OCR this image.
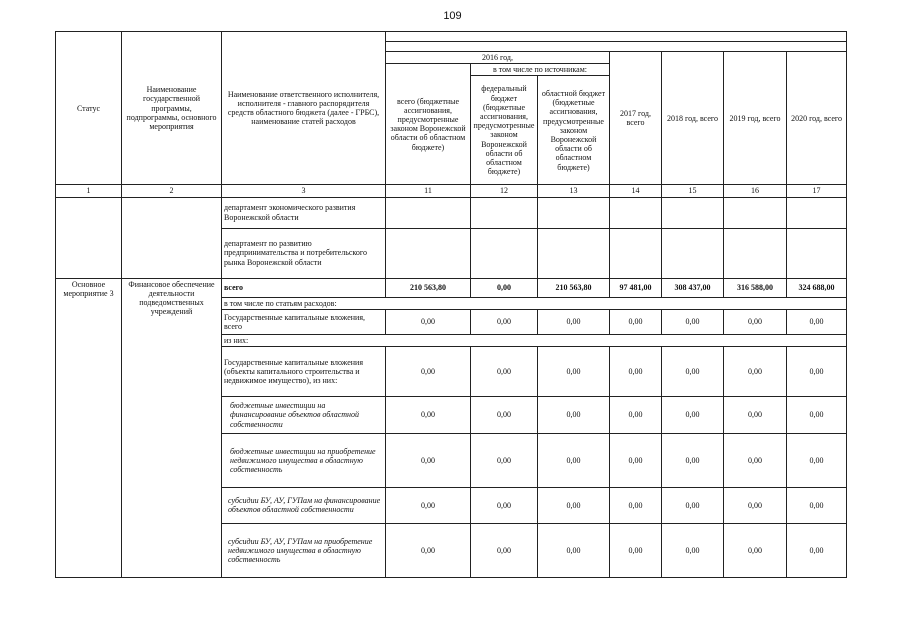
109
Статус	Наименование государственной программы, подпрограммы, основного мероприятия	Наименование ответственного исполнителя, исполнителя - главного распорядителя средств областного бюджета (далее - ГРБС), наименование статей расходов							

			2016 год,			2017 год, всего	2018 год, всего	2019 год, всего	2020 год, всего
			всего (бюджетные ассигнования, предусмотренные законом Воронежской области об областном бюджете)	в том числе по источникам:					
				федеральный бюджет (бюджетные ассигнования, предусмотренные законом Воронежской области об областном бюджете)	областной бюджет (бюджетные ассигнования, предусмотренные законом Воронежской области об областном бюджете)				
1	2	3	11	12	13	14	15	16	17
		департамент экономического развития Воронежской области							
		департамент по развитию предпринимательства и потребительского рынка Воронежской области							
Основное мероприятие 3	Финансовое обеспечение деятельности подведомственных учреждений	всего	210 563,80	0,00	210 563,80	97 481,00	308 437,00	316 588,00	324 688,00
		в том числе по статьям расходов:							
		Государственные капитальные вложения, всего	0,00	0,00	0,00	0,00	0,00	0,00	0,00
		из них:							
		Государственные капитальные вложения (объекты капитального строительства и недвижимое имущество), из них:	0,00	0,00	0,00	0,00	0,00	0,00	0,00
		бюджетные инвестиции на финансирование объектов областной собственности	0,00	0,00	0,00	0,00	0,00	0,00	0,00
		бюджетные инвестиции на приобретение недвижимого имущества в областную собственность	0,00	0,00	0,00	0,00	0,00	0,00	0,00
		субсидии БУ, АУ, ГУПам на финансирование объектов областной собственности	0,00	0,00	0,00	0,00	0,00	0,00	0,00
		субсидии БУ, АУ, ГУПам на приобретение недвижимого имущества в областную собственность	0,00	0,00	0,00	0,00	0,00	0,00	0,00
